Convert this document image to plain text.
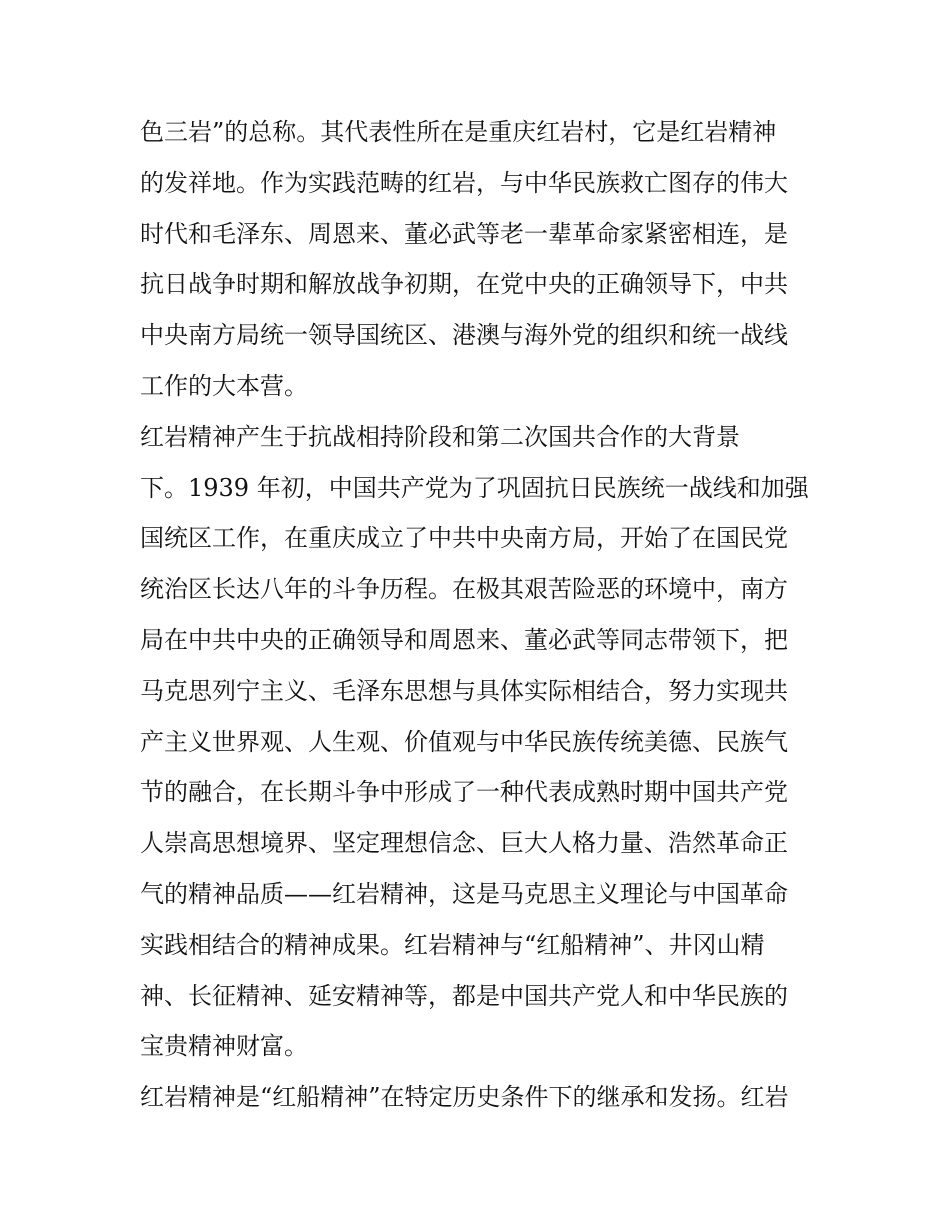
色三岩”的总称。其代表性所在是重庆红岩村，它是红岩精神
的发祥地。作为实践范畴的红岩，与中华民族救亡图存的伟大
时代和毛泽东、周恩来、董必武等老一辈革命家紧密相连，是
抗日战争时期和解放战争初期，在党中央的正确领导下，中共
中央南方局统一领导国统区、港澳与海外党的组织和统一战线
工作的大本营。
红岩精神产生于抗战相持阶段和第二次国共合作的大背景
下。1939 年初，中国共产党为了巩固抗日民族统一战线和加强
国统区工作，在重庆成立了中共中央南方局，开始了在国民党
统治区长达八年的斗争历程。在极其艰苦险恶的环境中，南方
局在中共中央的正确领导和周恩来、董必武等同志带领下，把
马克思列宁主义、毛泽东思想与具体实际相结合，努力实现共
产主义世界观、人生观、价值观与中华民族传统美德、民族气
节的融合，在长期斗争中形成了一种代表成熟时期中国共产党
人崇高思想境界、坚定理想信念、巨大人格力量、浩然革命正
气的精神品质——红岩精神，这是马克思主义理论与中国革命
实践相结合的精神成果。红岩精神与“红船精神”、井冈山精
神、长征精神、延安精神等，都是中国共产党人和中华民族的
宝贵精神财富。
红岩精神是“红船精神”在特定历史条件下的继承和发扬。红岩
